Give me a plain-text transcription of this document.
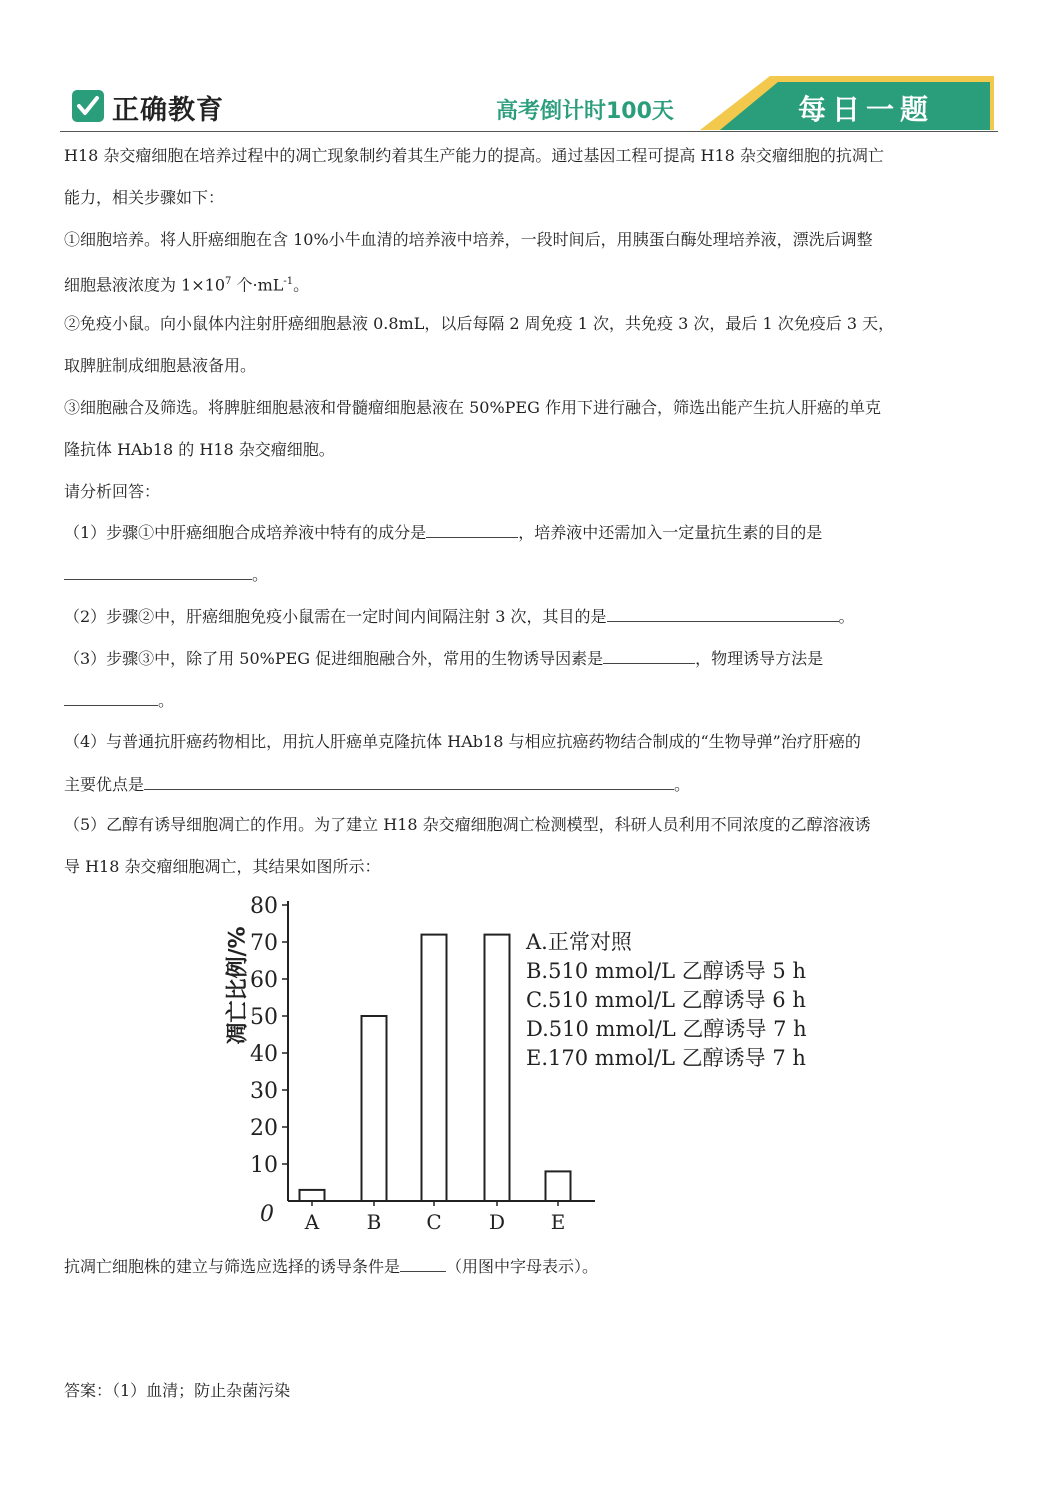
正确教育	高考倒计时100天	每日一题
H18 杂交瘤细胞在培养过程中的凋亡现象制约着其生产能力的提高。通过基因工程可提高 H18 杂交瘤细胞的抗凋亡
能力，相关步骤如下：
①细胞培养。将人肝癌细胞在含 10%小牛血清的培养液中培养，一段时间后，用胰蛋白酶处理培养液，漂洗后调整
细胞悬液浓度为 $1\times 10^7$ 个$\cdot mL^{-1}$。
②免疫小鼠。向小鼠体内注射肝癌细胞悬液 0.8mL，以后每隔 2 周免疫 1 次，共免疫 3 次，最后 1 次免疫后 3 天，
取脾脏制成细胞悬液备用。
③细胞融合及筛选。将脾脏细胞悬液和骨髓瘤细胞悬液在 50%PEG 作用下进行融合，筛选出能产生抗人肝癌的单克
隆抗体 HAb18 的 H18 杂交瘤细胞。
请分析回答：
（1）步骤①中肝癌细胞合成培养液中特有的成分是	，培养液中还需加入一定量抗生素的目的是
。
（2）步骤②中，肝癌细胞免疫小鼠需在一定时间内间隔注射 3 次，其目的是	。
（3）步骤③中，除了用 50%PEG 促进细胞融合外，常用的生物诱导因素是	，物理诱导方法是
。
（4）与普通抗肝癌药物相比，用抗人肝癌单克隆抗体 HAb18 与相应抗癌药物结合制成的“生物导弹”治疗肝癌的
主要优点是	。
（5）乙醇有诱导细胞凋亡的作用。为了建立 H18 杂交瘤细胞凋亡检测模型，科研人员利用不同浓度的乙醇溶液诱
导 H18 杂交瘤细胞凋亡，其结果如图所示：
凋亡比例/%
0
10
20
30
40
50
60
70
80
A B C D E
A.正常对照
B.510 mmol/L 乙醇诱导 5 h
C.510 mmol/L 乙醇诱导 6 h
D.510 mmol/L 乙醇诱导 7 h
E.170 mmol/L 乙醇诱导 7 h
抗凋亡细胞株的建立与筛选应选择的诱导条件是	（用图中字母表示）。
答案：（1）血清；防止杂菌污染
